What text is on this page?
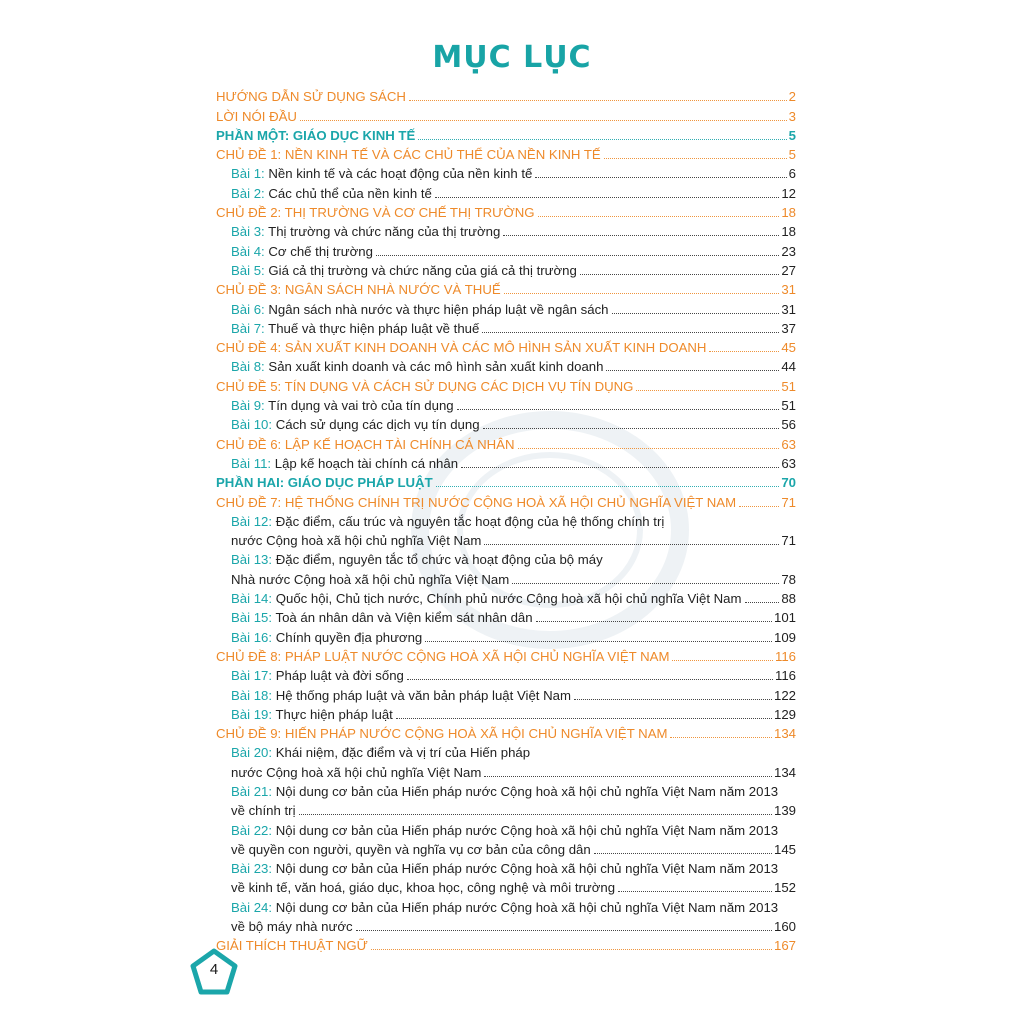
MỤC LỤC
HƯỚNG DẪN SỬ DỤNG SÁCH	2
LỜI NÓI ĐẦU	3
PHẦN MỘT: GIÁO DỤC KINH TẾ	5
CHỦ ĐỀ 1: NỀN KINH TẾ VÀ CÁC CHỦ THỂ CỦA NỀN KINH TẾ	5
Bài 1: Nền kinh tế và các hoạt động của nền kinh tế	6
Bài 2: Các chủ thể của nền kinh tế	12
CHỦ ĐỀ 2: THỊ TRƯỜNG VÀ CƠ CHẾ THỊ TRƯỜNG	18
Bài 3: Thị trường và chức năng của thị trường	18
Bài 4: Cơ chế thị trường	23
Bài 5: Giá cả thị trường và chức năng của giá cả thị trường	27
CHỦ ĐỀ 3: NGÂN SÁCH NHÀ NƯỚC VÀ THUẾ	31
Bài 6: Ngân sách nhà nước và thực hiện pháp luật về ngân sách	31
Bài 7: Thuế và thực hiện pháp luật về thuế	37
CHỦ ĐỀ 4: SẢN XUẤT KINH DOANH VÀ CÁC MÔ HÌNH SẢN XUẤT KINH DOANH	45
Bài 8: Sản xuất kinh doanh và các mô hình sản xuất kinh doanh	44
CHỦ ĐỀ 5: TÍN DỤNG VÀ CÁCH SỬ DỤNG CÁC DỊCH VỤ TÍN DỤNG	51
Bài 9: Tín dụng và vai trò của tín dụng	51
Bài 10: Cách sử dụng các dịch vụ tín dụng	56
CHỦ ĐỀ 6: LẬP KẾ HOẠCH TÀI CHÍNH CÁ NHÂN	63
Bài 11: Lập kế hoạch tài chính cá nhân	63
PHẦN HAI: GIÁO DỤC PHÁP LUẬT	70
CHỦ ĐỀ 7: HỆ THỐNG CHÍNH TRỊ NƯỚC CỘNG HOÀ XÃ HỘI CHỦ NGHĨA VIỆT NAM	71
Bài 12: Đặc điểm, cấu trúc và nguyên tắc hoạt động của hệ thống chính trị
nước Cộng hoà xã hội chủ nghĩa Việt Nam	71
Bài 13: Đặc điểm, nguyên tắc tổ chức và hoạt động của bộ máy
Nhà nước Cộng hoà xã hội chủ nghĩa Việt Nam	78
Bài 14: Quốc hội, Chủ tịch nước, Chính phủ nước Cộng hoà xã hội chủ nghĩa Việt Nam	88
Bài 15: Toà án nhân dân và Viện kiểm sát nhân dân	101
Bài 16: Chính quyền địa phương	109
CHỦ ĐỀ 8: PHÁP LUẬT NƯỚC CỘNG HOÀ XÃ HỘI CHỦ NGHĨA VIỆT NAM	116
Bài 17: Pháp luật và đời sống	116
Bài 18: Hệ thống pháp luật và văn bản pháp luật Việt Nam	122
Bài 19: Thực hiện pháp luật	129
CHỦ ĐỀ 9: HIẾN PHÁP NƯỚC CỘNG HOÀ XÃ HỘI CHỦ NGHĨA VIỆT NAM	134
Bài 20: Khái niệm, đặc điểm và vị trí của Hiến pháp
nước Cộng hoà xã hội chủ nghĩa Việt Nam	134
Bài 21: Nội dung cơ bản của Hiến pháp nước Cộng hoà xã hội chủ nghĩa Việt Nam năm 2013
về chính trị	139
Bài 22: Nội dung cơ bản của Hiến pháp nước Cộng hoà xã hội chủ nghĩa Việt Nam năm 2013
về quyền con người, quyền và nghĩa vụ cơ bản của công dân	145
Bài 23: Nội dung cơ bản của Hiến pháp nước Cộng hoà xã hội chủ nghĩa Việt Nam năm 2013
về kinh tế, văn hoá, giáo dục, khoa học, công nghệ và môi trường	152
Bài 24: Nội dung cơ bản của Hiến pháp nước Cộng hoà xã hội chủ nghĩa Việt Nam năm 2013
về bộ máy nhà nước	160
GIẢI THÍCH THUẬT NGỮ	167
4
